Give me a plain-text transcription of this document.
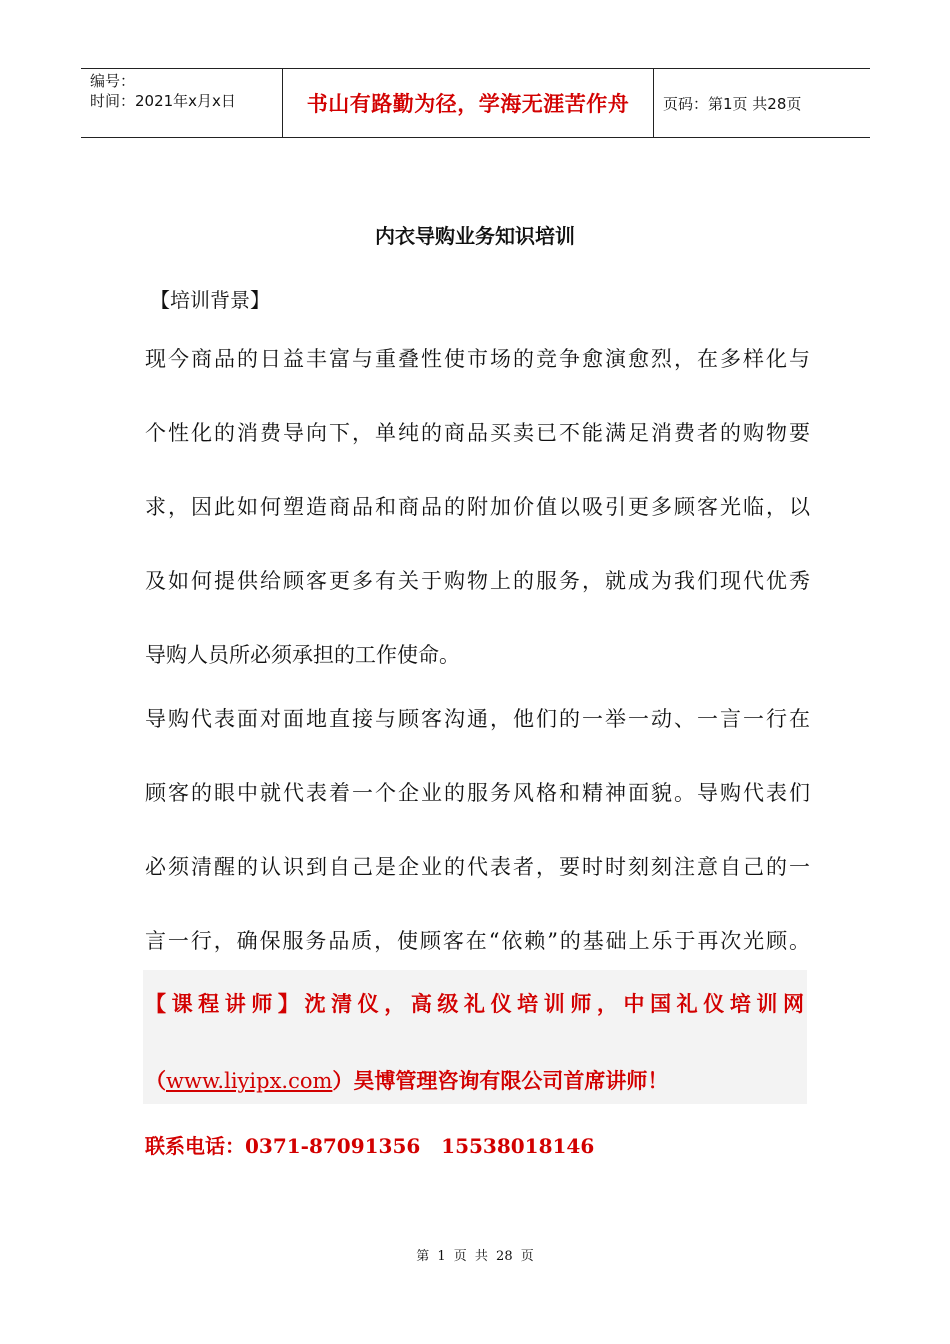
编号：
时间：2021年x月x日	书山有路勤为径，学海无涯苦作舟 页码：第1页 共28页
内衣导购业务知识培训
【培训背景】
现今商品的日益丰富与重叠性使市场的竞争愈演愈烈，在多样化与
个性化的消费导向下，单纯的商品买卖已不能满足消费者的购物要
求，因此如何塑造商品和商品的附加价值以吸引更多顾客光临，以
及如何提供给顾客更多有关于购物上的服务，就成为我们现代优秀
导购人员所必须承担的工作使命。
导购代表面对面地直接与顾客沟通，他们的一举一动、一言一行在
顾客的眼中就代表着一个企业的服务风格和精神面貌。导购代表们
必须清醒的认识到自己是企业的代表者，要时时刻刻注意自己的一
言一行，确保服务品质，使顾客在“依赖”的基础上乐于再次光顾。
【课程讲师】沈清仪，高级礼仪培训师，中国礼仪培训网
（www.liyipx.com）昊博管理咨询有限公司首席讲师！
联系电话：0371-87091356   15538018146
第 1 页 共 28 页
